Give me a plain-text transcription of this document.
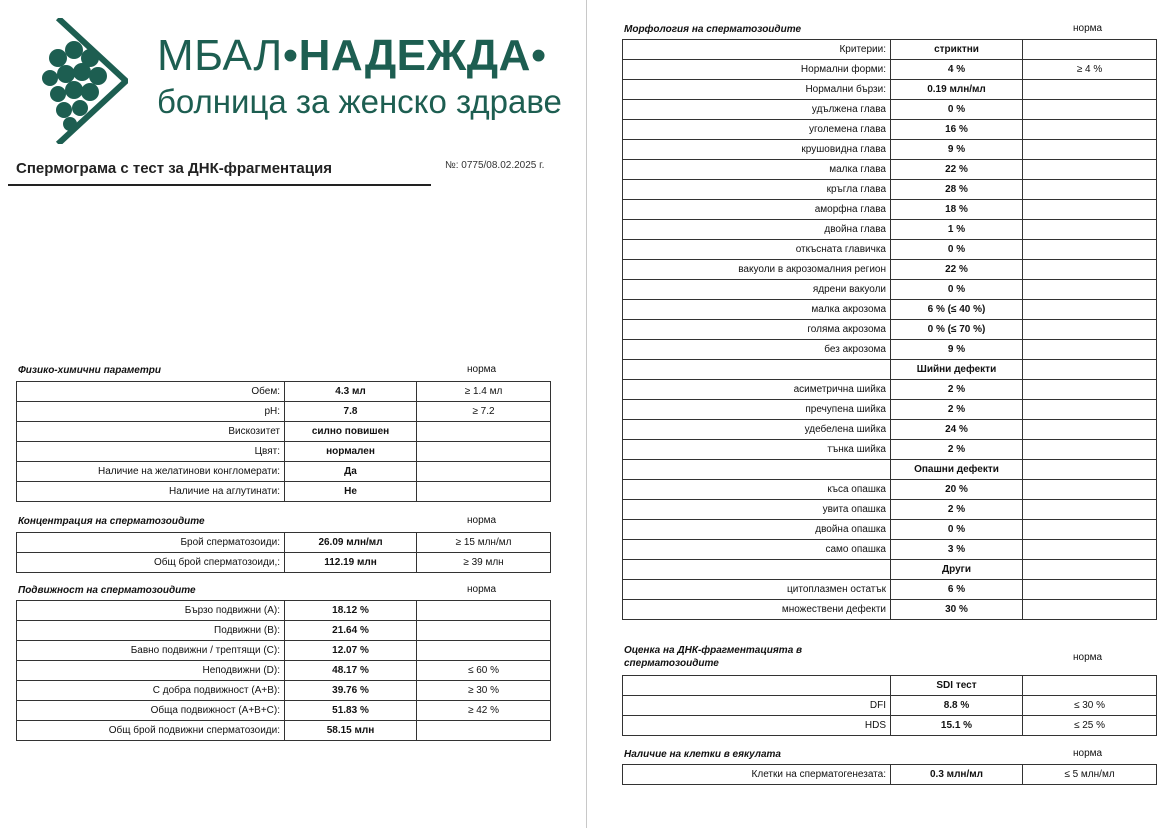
МБАЛ•НАДЕЖДА•
болница за женско здраве
Спермограма с тест за ДНК-фрагментация	№: 0775/08.02.2025 г.
Физико-химични параметри	норма
Обем:	4.3 мл	≥ 1.4 мл
pH:	7.8	≥ 7.2
Вискозитет	силно повишен	
Цвят:	нормален	
Наличие на желатинови конгломерати:	Да	
Наличие на аглутинати:	Не	
Концентрация на сперматозоидите	норма
Брой сперматозоиди:	26.09 млн/мл	≥ 15 млн/мл
Общ брой сперматозоиди,:	112.19 млн	≥ 39 млн
Подвижност на сперматозоидите	норма
Бързо подвижни (A):	18.12 %	
Подвижни (B):	21.64 %	
Бавно подвижни / трептящи (C):	12.07 %	
Неподвижни (D):	48.17 %	≤ 60 %
С добра подвижност (A+B):	39.76 %	≥ 30 %
Обща подвижност (A+B+C):	51.83 %	≥ 42 %
Общ брой подвижни сперматозоиди:	58.15 млн	
Морфология на сперматозоидите	норма
Критерии:	стриктни	
Нормални форми:	4 %	≥ 4 %
Нормални бързи:	0.19 млн/мл	
удължена глава	0 %	
уголемена глава	16 %	
крушовидна глава	9 %	
малка глава	22 %	
кръгла глава	28 %	
аморфна глава	18 %	
двойна глава	1 %	
откъсната главичка	0 %	
вакуоли в акрозомалния регион	22 %	
ядрени вакуоли	0 %	
малка акрозома	6 % (≤ 40 %)	
голяма акрозома	0 % (≤ 70 %)	
без акрозома	9 %	
	Шийни дефекти	
асиметрична шийка	2 %	
пречупена шийка	2 %	
удебелена шийка	24 %	
тънка шийка	2 %	
	Опашни дефекти	
къса опашка	20 %	
увита опашка	2 %	
двойна опашка	0 %	
само опашка	3 %	
	Други	
цитоплазмен остатък	6 %	
множествени дефекти	30 %	
Оценка на ДНК-фрагментацията в
сперматозоидите
норма
	SDI тест	
DFI	8.8 %	≤ 30 %
HDS	15.1 %	≤ 25 %
Наличие на клетки в еякулата	норма
Клетки на сперматогенезата:	0.3 млн/мл	≤ 5 млн/мл
